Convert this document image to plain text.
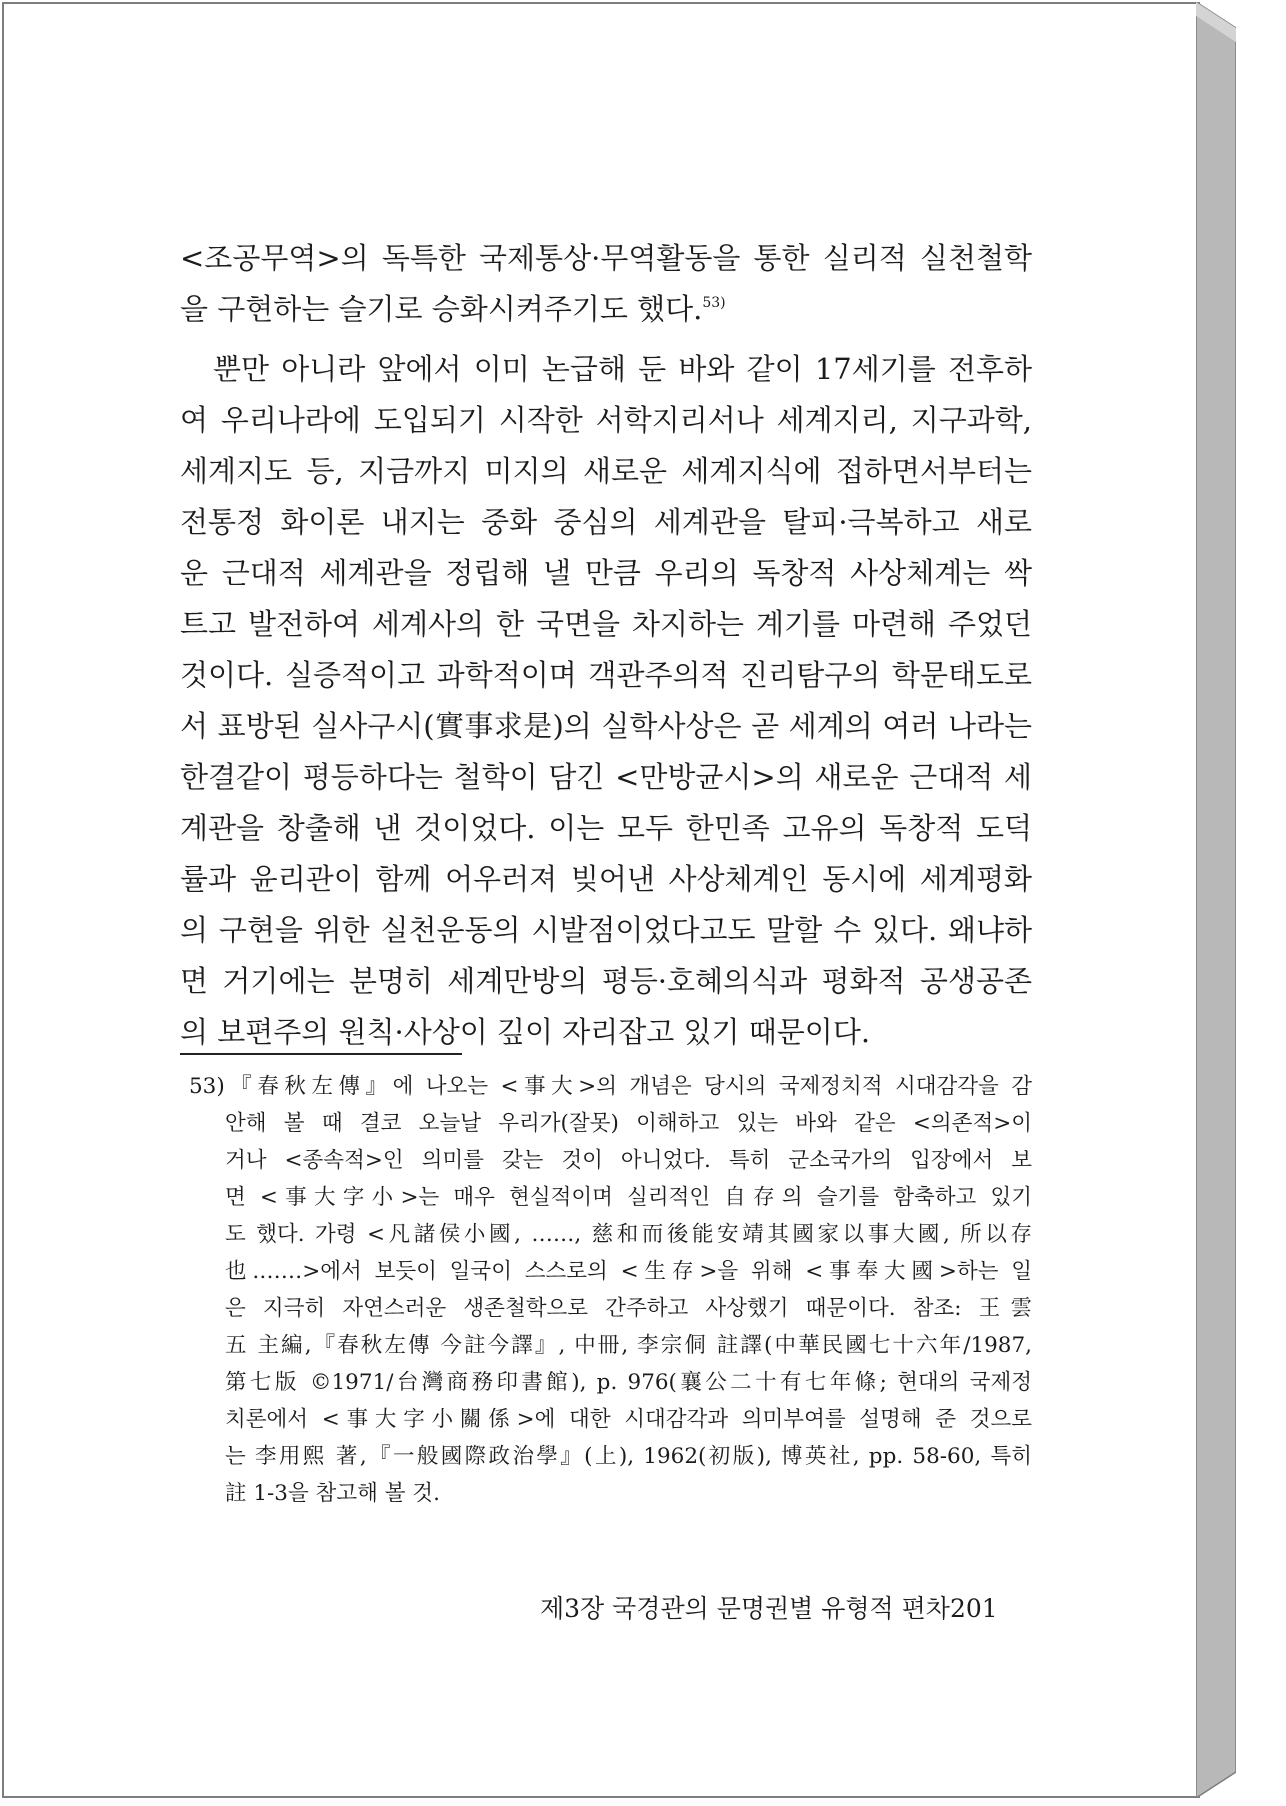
<조공무역>의 독특한 국제통상·무역활동을 통한 실리적 실천철학
을 구현하는 슬기로 승화시켜주기도 했다.$^{53)}$
뿐만 아니라 앞에서 이미 논급해 둔 바와 같이 17세기를 전후하
여 우리나라에 도입되기 시작한 서학지리서나 세계지리, 지구과학,
세계지도 등, 지금까지 미지의 새로운 세계지식에 접하면서부터는
전통정 화이론 내지는 중화 중심의 세계관을 탈피·극복하고 새로
운 근대적 세계관을 정립해 낼 만큼 우리의 독창적 사상체계는 싹
트고 발전하여 세계사의 한 국면을 차지하는 계기를 마련해 주었던
것이다. 실증적이고 과학적이며 객관주의적 진리탐구의 학문태도로
서 표방된 실사구시(實事求是)의 실학사상은 곧 세계의 여러 나라는
한결같이 평등하다는 철학이 담긴 <만방균시>의 새로운 근대적 세
계관을 창출해 낸 것이었다. 이는 모두 한민족 고유의 독창적 도덕
률과 윤리관이 함께 어우러져 빚어낸 사상체계인 동시에 세계평화
의 구현을 위한 실천운동의 시발점이었다고도 말할 수 있다. 왜냐하
면 거기에는 분명히 세계만방의 평등·호혜의식과 평화적 공생공존
의 보편주의 원칙·사상이 깊이 자리잡고 있기 때문이다.
53)『春秋左傳』에 나오는 <事大>의 개념은 당시의 국제정치적 시대감각을 감
안해 볼 때 결코 오늘날 우리가(잘못) 이해하고 있는 바와 같은 <의존적>이
거나 <종속적>인 의미를 갖는 것이 아니었다. 특히 군소국가의 입장에서 보
면 <事大字小>는 매우 현실적이며 실리적인 自存의 슬기를 함축하고 있기
도 했다. 가령 <凡諸侯小國, ……, 慈和而後能安靖其國家以事大國, 所以存
也.……>에서 보듯이 일국이 스스로의 <生存>을 위해 <事奉大國>하는 일
은 지극히 자연스러운 생존철학으로 간주하고 사상했기 때문이다. 참조: 王雲
五 主編,『春秋左傳 今註今譯』, 中冊, 李宗侗 註譯(中華民國七十六年/1987,
第七版 ©1971/台灣商務印書館), p. 976(襄公二十有七年條; 현대의 국제정
치론에서 <事大字小關係>에 대한 시대감각과 의미부여를 설명해 준 것으로
는 李用熙 著,『一般國際政治學』(上), 1962(初版), 博英社, pp. 58-60, 특히
註 1-3을 참고해 볼 것.
제3장 국경관의 문명권별 유형적 편차 201
